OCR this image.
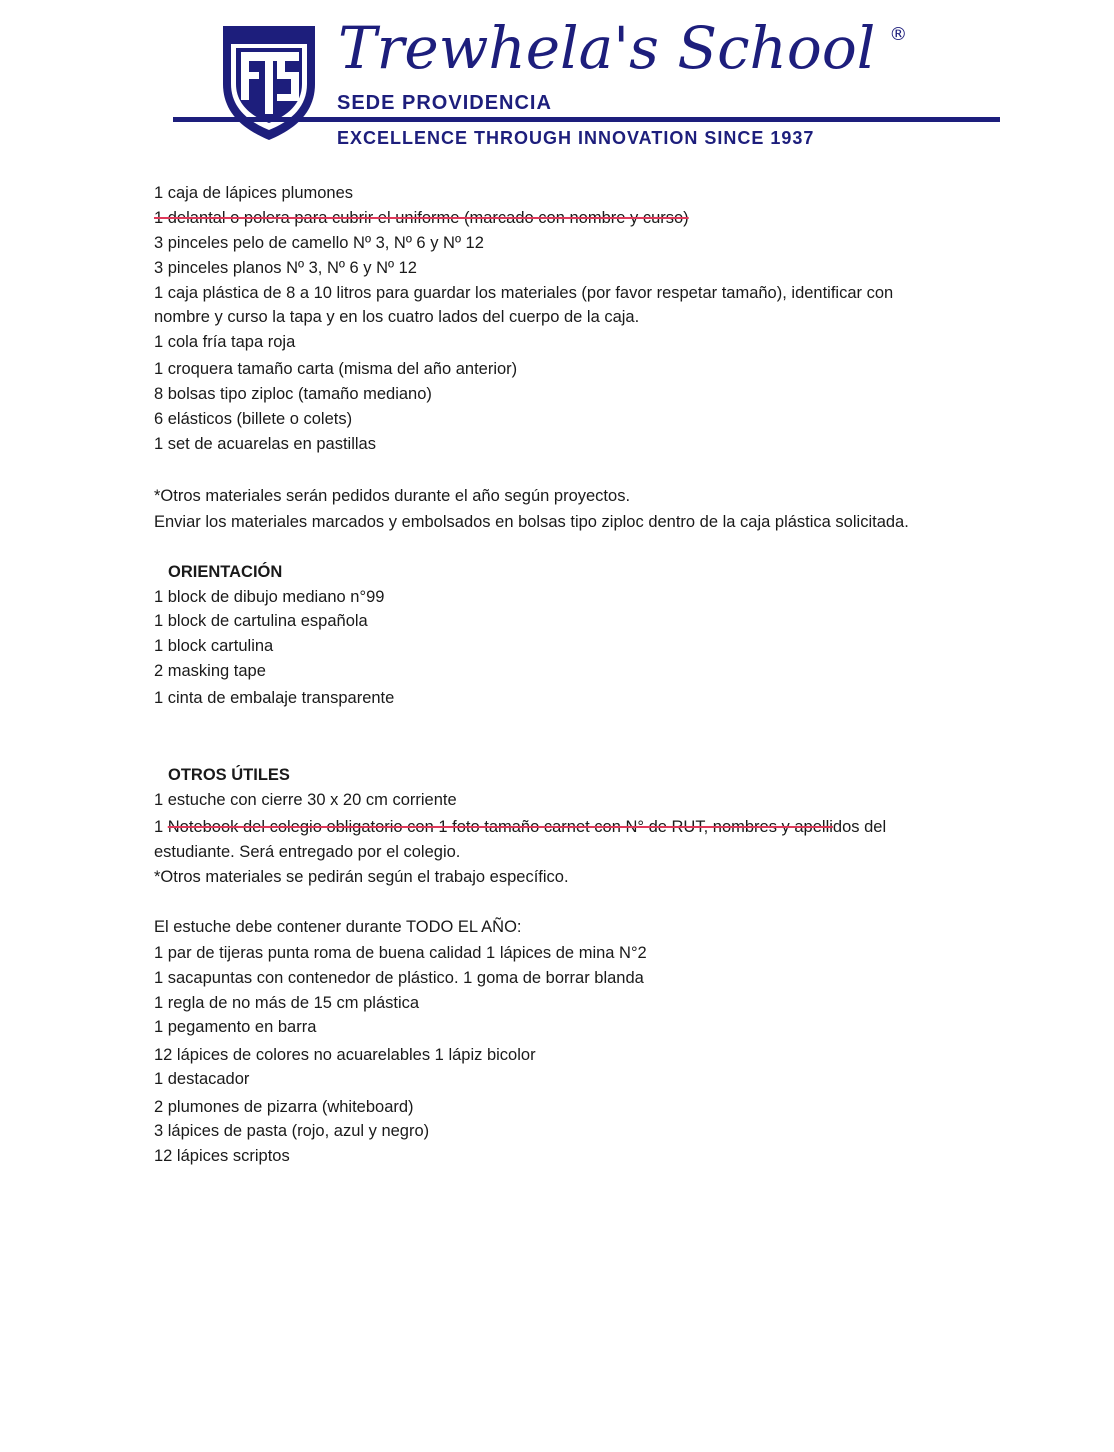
Trewhela's School ®
SEDE PROVIDENCIA
EXCELLENCE THROUGH INNOVATION SINCE 1937
1 caja de lápices plumones
1 delantal o polera para cubrir el uniforme (marcado con nombre y curso)
3 pinceles pelo de camello Nº 3, Nº 6 y Nº 12
3 pinceles planos Nº 3, Nº 6 y Nº 12
1 caja plástica de 8 a 10 litros para guardar los materiales (por favor respetar tamaño), identificar con
nombre y curso la tapa y en los cuatro lados del cuerpo de la caja.
1 cola fría tapa roja
1 croquera tamaño carta (misma del año anterior)
8 bolsas tipo ziploc (tamaño mediano)
6 elásticos (billete o colets)
1 set de acuarelas en pastillas
*Otros materiales serán pedidos durante el año según proyectos.
Enviar los materiales marcados y embolsados en bolsas tipo ziploc dentro de la caja plástica solicitada.
ORIENTACIÓN
1 block de dibujo mediano n°99
1 block de cartulina española
1 block cartulina
2 masking tape
1 cinta de embalaje transparente
OTROS ÚTILES
1 estuche con cierre 30 x 20 cm corriente
1 Notebook del colegio obligatorio con 1 foto tamaño carnet con N° de RUT, nombres y apellidos del
estudiante. Será entregado por el colegio.
*Otros materiales se pedirán según el trabajo específico.
El estuche debe contener durante TODO EL AÑO:
1 par de tijeras punta roma de buena calidad 1 lápices de mina N°2
1 sacapuntas con contenedor de plástico. 1 goma de borrar blanda
1 regla de no más de 15 cm plástica
1 pegamento en barra
12 lápices de colores no acuarelables 1 lápiz bicolor
1 destacador
2 plumones de pizarra (whiteboard)
3 lápices de pasta (rojo, azul y negro)
12 lápices scriptos
